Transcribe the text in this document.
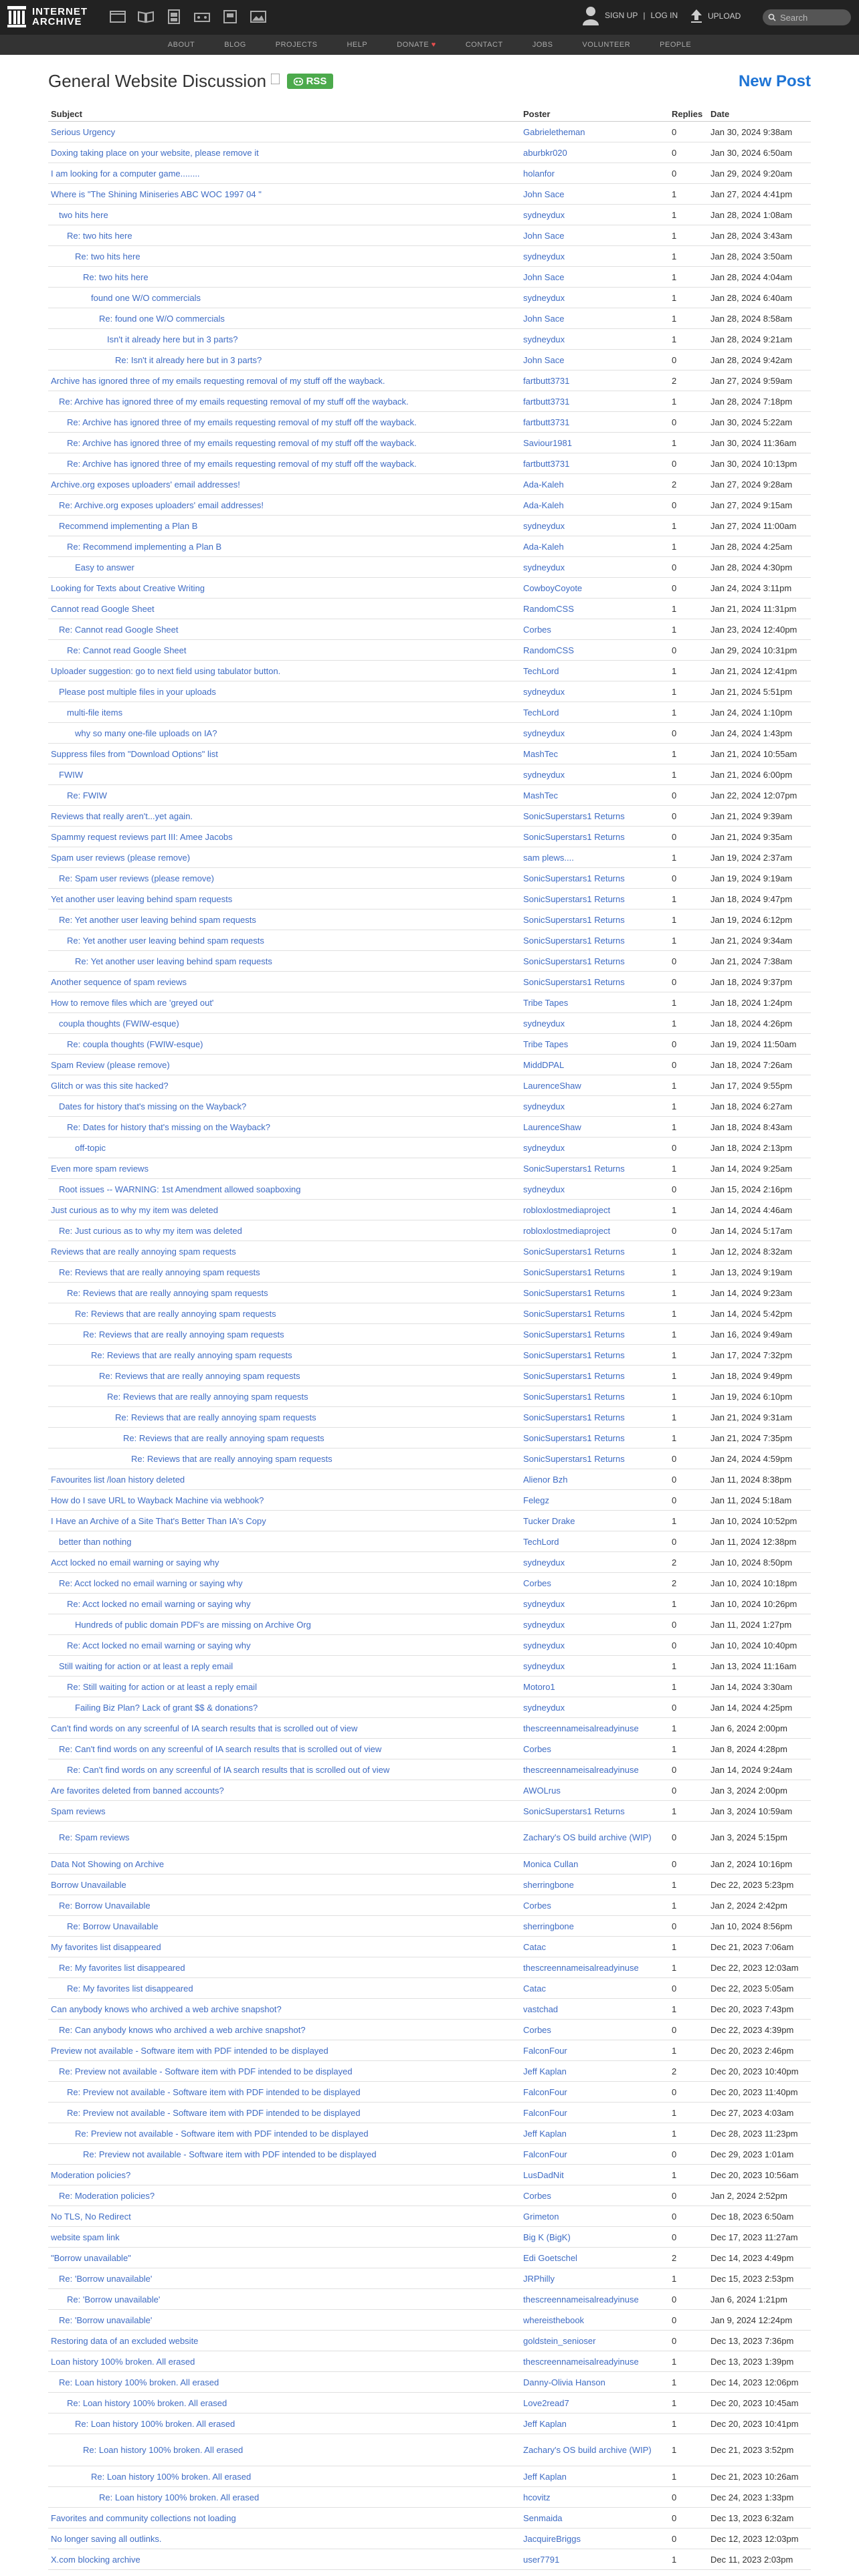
INTERNET
ARCHIVE
SIGN UP | LOG IN	UPLOAD
Search
ABOUT	BLOG	PROJECTS	HELP	DONATE ♥	CONTACT	JOBS	VOLUNTEER	PEOPLE
General Website Discussion 🗌	RSS	New Post
Subject	Poster	Replies	Date
Serious Urgency	Gabrieletheman	0	Jan 30, 2024 9:38am
Doxing taking place on your website, please remove it	aburbkr020	0	Jan 30, 2024 6:50am
I am looking for a computer game........	holanfor	0	Jan 29, 2024 9:20am
Where is "The Shining Miniseries ABC WOC 1997 04 "	John Sace	1	Jan 27, 2024 4:41pm
two hits here	sydneydux	1	Jan 28, 2024 1:08am
Re: two hits here	John Sace	1	Jan 28, 2024 3:43am
Re: two hits here	sydneydux	1	Jan 28, 2024 3:50am
Re: two hits here	John Sace	1	Jan 28, 2024 4:04am
found one W/O commercials	sydneydux	1	Jan 28, 2024 6:40am
Re: found one W/O commercials	John Sace	1	Jan 28, 2024 8:58am
Isn't it already here but in 3 parts?	sydneydux	1	Jan 28, 2024 9:21am
Re: Isn't it already here but in 3 parts?	John Sace	0	Jan 28, 2024 9:42am
Archive has ignored three of my emails requesting removal of my stuff off the wayback.	fartbutt3731	2	Jan 27, 2024 9:59am
Re: Archive has ignored three of my emails requesting removal of my stuff off the wayback.	fartbutt3731	1	Jan 28, 2024 7:18pm
Re: Archive has ignored three of my emails requesting removal of my stuff off the wayback.	fartbutt3731	0	Jan 30, 2024 5:22am
Re: Archive has ignored three of my emails requesting removal of my stuff off the wayback.	Saviour1981	1	Jan 30, 2024 11:36am
Re: Archive has ignored three of my emails requesting removal of my stuff off the wayback.	fartbutt3731	0	Jan 30, 2024 10:13pm
Archive.org exposes uploaders' email addresses!	Ada-Kaleh	2	Jan 27, 2024 9:28am
Re: Archive.org exposes uploaders' email addresses!	Ada-Kaleh	0	Jan 27, 2024 9:15am
Recommend implementing a Plan B	sydneydux	1	Jan 27, 2024 11:00am
Re: Recommend implementing a Plan B	Ada-Kaleh	1	Jan 28, 2024 4:25am
Easy to answer	sydneydux	0	Jan 28, 2024 4:30pm
Looking for Texts about Creative Writing	CowboyCoyote	0	Jan 24, 2024 3:11pm
Cannot read Google Sheet	RandomCSS	1	Jan 21, 2024 11:31pm
Re: Cannot read Google Sheet	Corbes	1	Jan 23, 2024 12:40pm
Re: Cannot read Google Sheet	RandomCSS	0	Jan 29, 2024 10:31pm
Uploader suggestion: go to next field using tabulator button.	TechLord	1	Jan 21, 2024 12:41pm
Please post multiple files in your uploads	sydneydux	1	Jan 21, 2024 5:51pm
multi-file items	TechLord	1	Jan 24, 2024 1:10pm
why so many one-file uploads on IA?	sydneydux	0	Jan 24, 2024 1:43pm
Suppress files from "Download Options" list	MashTec	1	Jan 21, 2024 10:55am
FWIW	sydneydux	1	Jan 21, 2024 6:00pm
Re: FWIW	MashTec	0	Jan 22, 2024 12:07pm
Reviews that really aren't...yet again.	SonicSuperstars1 Returns	0	Jan 21, 2024 9:39am
Spammy request reviews part III: Amee Jacobs	SonicSuperstars1 Returns	0	Jan 21, 2024 9:35am
Spam user reviews (please remove)	sam plews....	1	Jan 19, 2024 2:37am
Re: Spam user reviews (please remove)	SonicSuperstars1 Returns	0	Jan 19, 2024 9:19am
Yet another user leaving behind spam requests	SonicSuperstars1 Returns	1	Jan 18, 2024 9:47pm
Re: Yet another user leaving behind spam requests	SonicSuperstars1 Returns	1	Jan 19, 2024 6:12pm
Re: Yet another user leaving behind spam requests	SonicSuperstars1 Returns	1	Jan 21, 2024 9:34am
Re: Yet another user leaving behind spam requests	SonicSuperstars1 Returns	0	Jan 21, 2024 7:38am
Another sequence of spam reviews	SonicSuperstars1 Returns	0	Jan 18, 2024 9:37pm
How to remove files which are 'greyed out'	Tribe Tapes	1	Jan 18, 2024 1:24pm
coupla thoughts (FWIW-esque)	sydneydux	1	Jan 18, 2024 4:26pm
Re: coupla thoughts (FWIW-esque)	Tribe Tapes	0	Jan 19, 2024 11:50am
Spam Review (please remove)	MiddDPAL	0	Jan 18, 2024 7:26am
Glitch or was this site hacked?	LaurenceShaw	1	Jan 17, 2024 9:55pm
Dates for history that's missing on the Wayback?	sydneydux	1	Jan 18, 2024 6:27am
Re: Dates for history that's missing on the Wayback?	LaurenceShaw	1	Jan 18, 2024 8:43am
off-topic	sydneydux	0	Jan 18, 2024 2:13pm
Even more spam reviews	SonicSuperstars1 Returns	1	Jan 14, 2024 9:25am
Root issues -- WARNING: 1st Amendment allowed soapboxing	sydneydux	0	Jan 15, 2024 2:16pm
Just curious as to why my item was deleted	robloxlostmediaproject	1	Jan 14, 2024 4:46am
Re: Just curious as to why my item was deleted	robloxlostmediaproject	0	Jan 14, 2024 5:17am
Reviews that are really annoying spam requests	SonicSuperstars1 Returns	1	Jan 12, 2024 8:32am
Re: Reviews that are really annoying spam requests	SonicSuperstars1 Returns	1	Jan 13, 2024 9:19am
Re: Reviews that are really annoying spam requests	SonicSuperstars1 Returns	1	Jan 14, 2024 9:23am
Re: Reviews that are really annoying spam requests	SonicSuperstars1 Returns	1	Jan 14, 2024 5:42pm
Re: Reviews that are really annoying spam requests	SonicSuperstars1 Returns	1	Jan 16, 2024 9:49am
Re: Reviews that are really annoying spam requests	SonicSuperstars1 Returns	1	Jan 17, 2024 7:32pm
Re: Reviews that are really annoying spam requests	SonicSuperstars1 Returns	1	Jan 18, 2024 9:49pm
Re: Reviews that are really annoying spam requests	SonicSuperstars1 Returns	1	Jan 19, 2024 6:10pm
Re: Reviews that are really annoying spam requests	SonicSuperstars1 Returns	1	Jan 21, 2024 9:31am
Re: Reviews that are really annoying spam requests	SonicSuperstars1 Returns	1	Jan 21, 2024 7:35pm
Re: Reviews that are really annoying spam requests	SonicSuperstars1 Returns	0	Jan 24, 2024 4:59pm
Favourites list /loan history deleted	Alienor Bzh	0	Jan 11, 2024 8:38pm
How do I save URL to Wayback Machine via webhook?	Felegz	0	Jan 11, 2024 5:18am
I Have an Archive of a Site That's Better Than IA's Copy	Tucker Drake	1	Jan 10, 2024 10:52pm
better than nothing	TechLord	0	Jan 11, 2024 12:38pm
Acct locked no email warning or saying why	sydneydux	2	Jan 10, 2024 8:50pm
Re: Acct locked no email warning or saying why	Corbes	2	Jan 10, 2024 10:18pm
Re: Acct locked no email warning or saying why	sydneydux	1	Jan 10, 2024 10:26pm
Hundreds of public domain PDF's are missing on Archive Org	sydneydux	0	Jan 11, 2024 1:27pm
Re: Acct locked no email warning or saying why	sydneydux	0	Jan 10, 2024 10:40pm
Still waiting for action or at least a reply email	sydneydux	1	Jan 13, 2024 11:16am
Re: Still waiting for action or at least a reply email	Motoro1	1	Jan 14, 2024 3:30am
Failing Biz Plan? Lack of grant $$ & donations?	sydneydux	0	Jan 14, 2024 4:25pm
Can't find words on any screenful of IA search results that is scrolled out of view	thescreennameisalreadyinuse	1	Jan 6, 2024 2:00pm
Re: Can't find words on any screenful of IA search results that is scrolled out of view	Corbes	1	Jan 8, 2024 4:28pm
Re: Can't find words on any screenful of IA search results that is scrolled out of view	thescreennameisalreadyinuse	0	Jan 14, 2024 9:24am
Are favorites deleted from banned accounts?	AWOLrus	0	Jan 3, 2024 2:00pm
Spam reviews	SonicSuperstars1 Returns	1	Jan 3, 2024 10:59am
Re: Spam reviews	Zachary's OS build archive (WIP)	0	Jan 3, 2024 5:15pm
Data Not Showing on Archive	Monica Cullan	0	Jan 2, 2024 10:16pm
Borrow Unavailable	sherringbone	1	Dec 22, 2023 5:23pm
Re: Borrow Unavailable	Corbes	1	Jan 2, 2024 2:42pm
Re: Borrow Unavailable	sherringbone	0	Jan 10, 2024 8:56pm
My favorites list disappeared	Catac	1	Dec 21, 2023 7:06am
Re: My favorites list disappeared	thescreennameisalreadyinuse	1	Dec 22, 2023 12:03am
Re: My favorites list disappeared	Catac	0	Dec 22, 2023 5:05am
Can anybody knows who archived a web archive snapshot?	vastchad	1	Dec 20, 2023 7:43pm
Re: Can anybody knows who archived a web archive snapshot?	Corbes	0	Dec 22, 2023 4:39pm
Preview not available - Software item with PDF intended to be displayed	FalconFour	1	Dec 20, 2023 2:46pm
Re: Preview not available - Software item with PDF intended to be displayed	Jeff Kaplan	2	Dec 20, 2023 10:40pm
Re: Preview not available - Software item with PDF intended to be displayed	FalconFour	0	Dec 20, 2023 11:40pm
Re: Preview not available - Software item with PDF intended to be displayed	FalconFour	1	Dec 27, 2023 4:03am
Re: Preview not available - Software item with PDF intended to be displayed	Jeff Kaplan	1	Dec 28, 2023 11:23pm
Re: Preview not available - Software item with PDF intended to be displayed	FalconFour	0	Dec 29, 2023 1:01am
Moderation policies?	LusDadNit	1	Dec 20, 2023 10:56am
Re: Moderation policies?	Corbes	0	Jan 2, 2024 2:52pm
No TLS, No Redirect	Grimeton	0	Dec 18, 2023 6:50am
website spam link	Big K (BigK)	0	Dec 17, 2023 11:27am
"Borrow unavailable"	Edi Goetschel	2	Dec 14, 2023 4:49pm
Re: 'Borrow unavailable'	JRPhilly	1	Dec 15, 2023 2:53pm
Re: 'Borrow unavailable'	thescreennameisalreadyinuse	0	Jan 6, 2024 1:21pm
Re: 'Borrow unavailable'	whereisthebook	0	Jan 9, 2024 12:24pm
Restoring data of an excluded website	goldstein_senioser	0	Dec 13, 2023 7:36pm
Loan history 100% broken. All erased	thescreennameisalreadyinuse	1	Dec 13, 2023 1:39pm
Re: Loan history 100% broken. All erased	Danny-Olivia Hanson	1	Dec 14, 2023 12:06pm
Re: Loan history 100% broken. All erased	Love2read7	1	Dec 20, 2023 10:45am
Re: Loan history 100% broken. All erased	Jeff Kaplan	1	Dec 20, 2023 10:41pm
Re: Loan history 100% broken. All erased	Zachary's OS build archive (WIP)	1	Dec 21, 2023 3:52pm
Re: Loan history 100% broken. All erased	Jeff Kaplan	1	Dec 21, 2023 10:26am
Re: Loan history 100% broken. All erased	hcovitz	0	Dec 24, 2023 1:33pm
Favorites and community collections not loading	Senmaida	0	Dec 13, 2023 6:32am
No longer saving all outlinks.	JacquireBriggs	0	Dec 12, 2023 12:03pm
X.com blocking archive	user7791	1	Dec 11, 2023 2:03pm
